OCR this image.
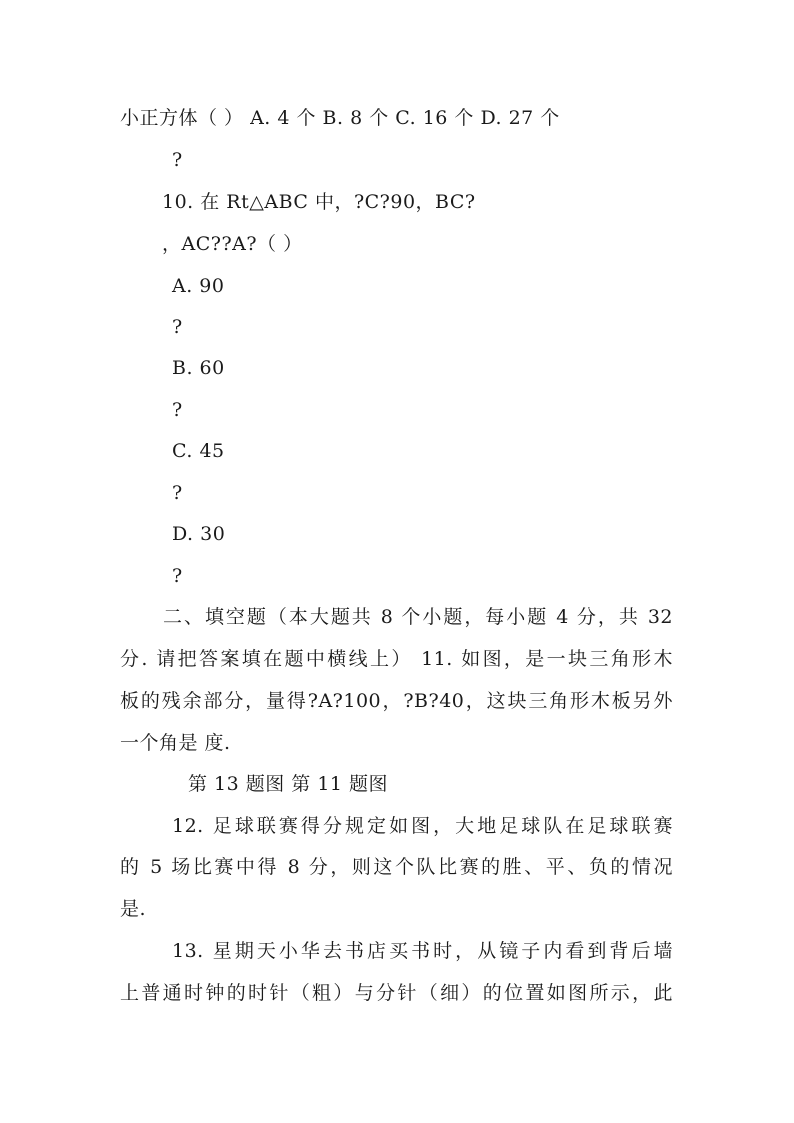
小正方体（ ） A. 4 个 B. 8 个 C. 16 个 D. 27 个
?
10. 在 Rt△ABC 中，?C?90，BC?
，AC??A?（ ）
A. 90
?
B. 60
?
C. 45
?
D. 30
?
二、填空题（本大题共 8 个小题，每小题 4 分，共 32
分. 请把答案填在题中横线上） 11. 如图，是一块三角形木
板的残余部分，量得?A?100，?B?40，这块三角形木板另外
一个角是 度.
第 13 题图 第 11 题图
12. 足球联赛得分规定如图，大地足球队在足球联赛
的 5 场比赛中得 8 分，则这个队比赛的胜、平、负的情况
是.
13. 星期天小华去书店买书时，从镜子内看到背后墙
上普通时钟的时针（粗）与分针（细）的位置如图所示，此
